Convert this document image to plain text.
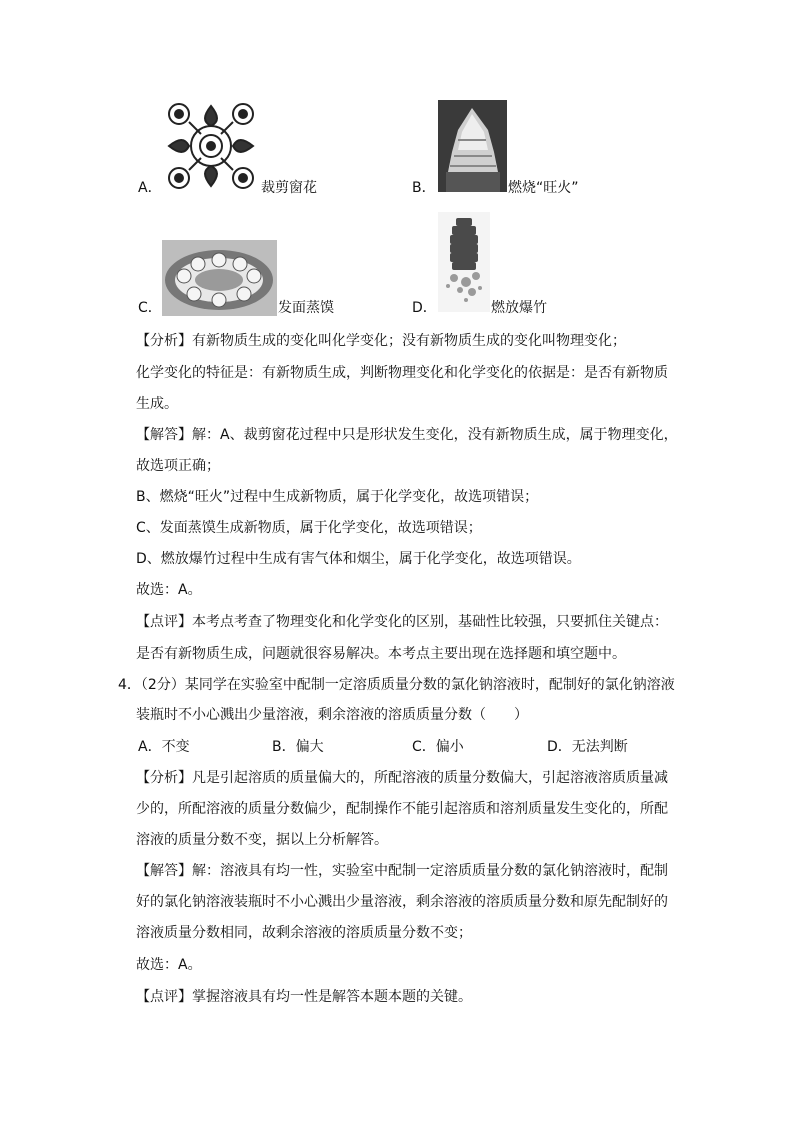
A．	裁剪窗花	B．	燃烧“旺火”
C．	发面蒸馍	D．	燃放爆竹
【分析】有新物质生成的变化叫化学变化；没有新物质生成的变化叫物理变化；
化学变化的特征是：有新物质生成，判断物理变化和化学变化的依据是：是否有新物质
生成。
【解答】解：A、裁剪窗花过程中只是形状发生变化，没有新物质生成，属于物理变化，
故选项正确；
B、燃烧“旺火”过程中生成新物质，属于化学变化，故选项错误；
C、发面蒸馍生成新物质，属于化学变化，故选项错误；
D、燃放爆竹过程中生成有害气体和烟尘，属于化学变化，故选项错误。
故选：A。
【点评】本考点考查了物理变化和化学变化的区别，基础性比较强，只要抓住关键点：
是否有新物质生成，问题就很容易解决。本考点主要出现在选择题和填空题中。
4．（2分）某同学在实验室中配制一定溶质质量分数的氯化钠溶液时，配制好的氯化钠溶液
装瓶时不小心溅出少量溶液，剩余溶液的溶质质量分数（　　）
A．不变	B．偏大	C．偏小	D．无法判断
【分析】凡是引起溶质的质量偏大的，所配溶液的质量分数偏大，引起溶液溶质质量减
少的，所配溶液的质量分数偏少，配制操作不能引起溶质和溶剂质量发生变化的，所配
溶液的质量分数不变，据以上分析解答。
【解答】解：溶液具有均一性，实验室中配制一定溶质质量分数的氯化钠溶液时，配制
好的氯化钠溶液装瓶时不小心溅出少量溶液，剩余溶液的溶质质量分数和原先配制好的
溶液质量分数相同，故剩余溶液的溶质质量分数不变；
故选：A。
【点评】掌握溶液具有均一性是解答本题本题的关键。
